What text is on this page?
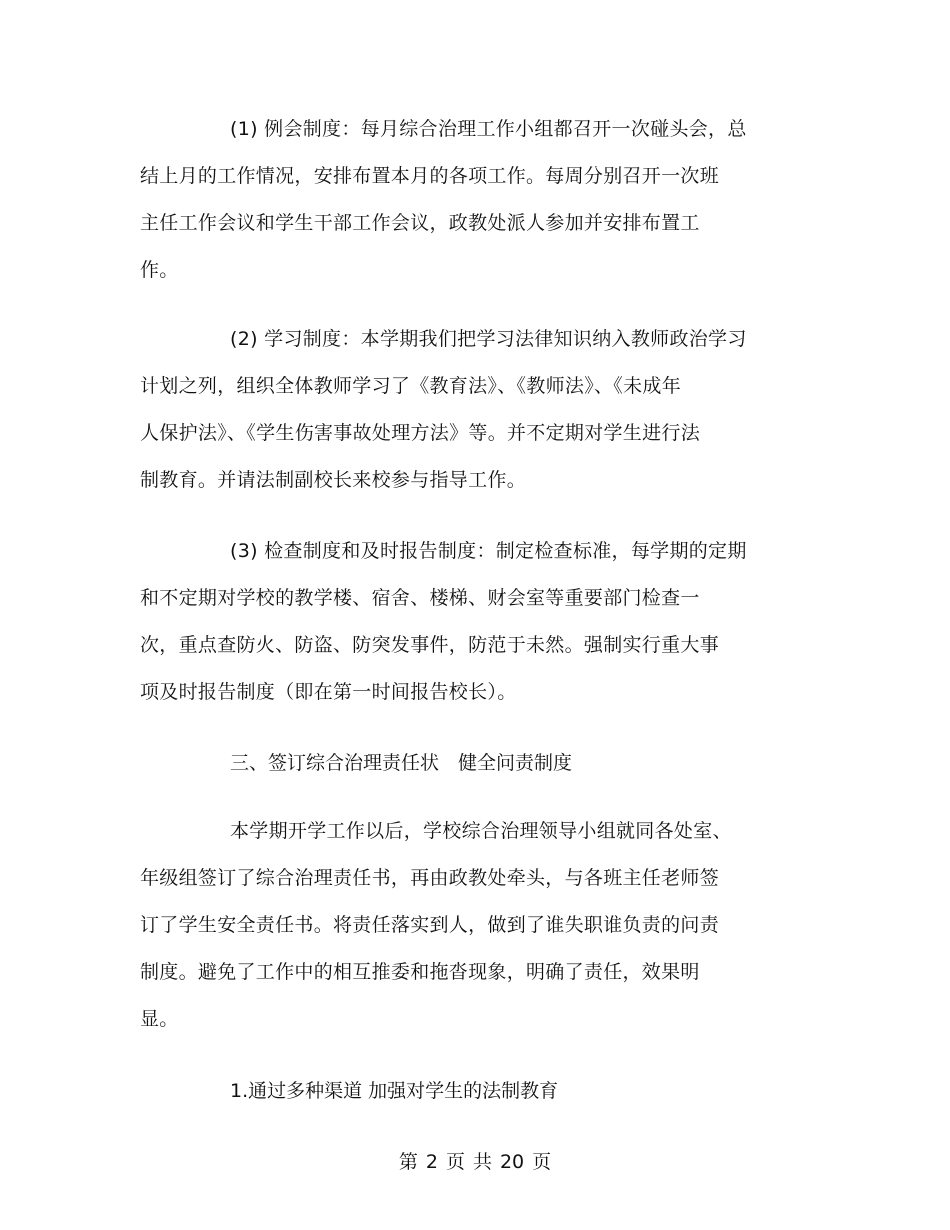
(1) 例会制度：每月综合治理工作小组都召开一次碰头会，总
结上月的工作情况，安排布置本月的各项工作。每周分别召开一次班
主任工作会议和学生干部工作会议，政教处派人参加并安排布置工
作。
(2) 学习制度：本学期我们把学习法律知识纳入教师政治学习
计划之列，组织全体教师学习了《教育法》、《教师法》、《未成年
人保护法》、《学生伤害事故处理方法》等。并不定期对学生进行法
制教育。并请法制副校长来校参与指导工作。
(3) 检查制度和及时报告制度：制定检查标准，每学期的定期
和不定期对学校的教学楼、宿舍、楼梯、财会室等重要部门检查一
次，重点查防火、防盗、防突发事件，防范于未然。强制实行重大事
项及时报告制度（即在第一时间报告校长）。
三、签订综合治理责任状　健全问责制度
本学期开学工作以后，学校综合治理领导小组就同各处室、
年级组签订了综合治理责任书，再由政教处牵头，与各班主任老师签
订了学生安全责任书。将责任落实到人，做到了谁失职谁负责的问责
制度。避免了工作中的相互推委和拖沓现象，明确了责任，效果明
显。
1.通过多种渠道 加强对学生的法制教育
第 2 页 共 20 页
